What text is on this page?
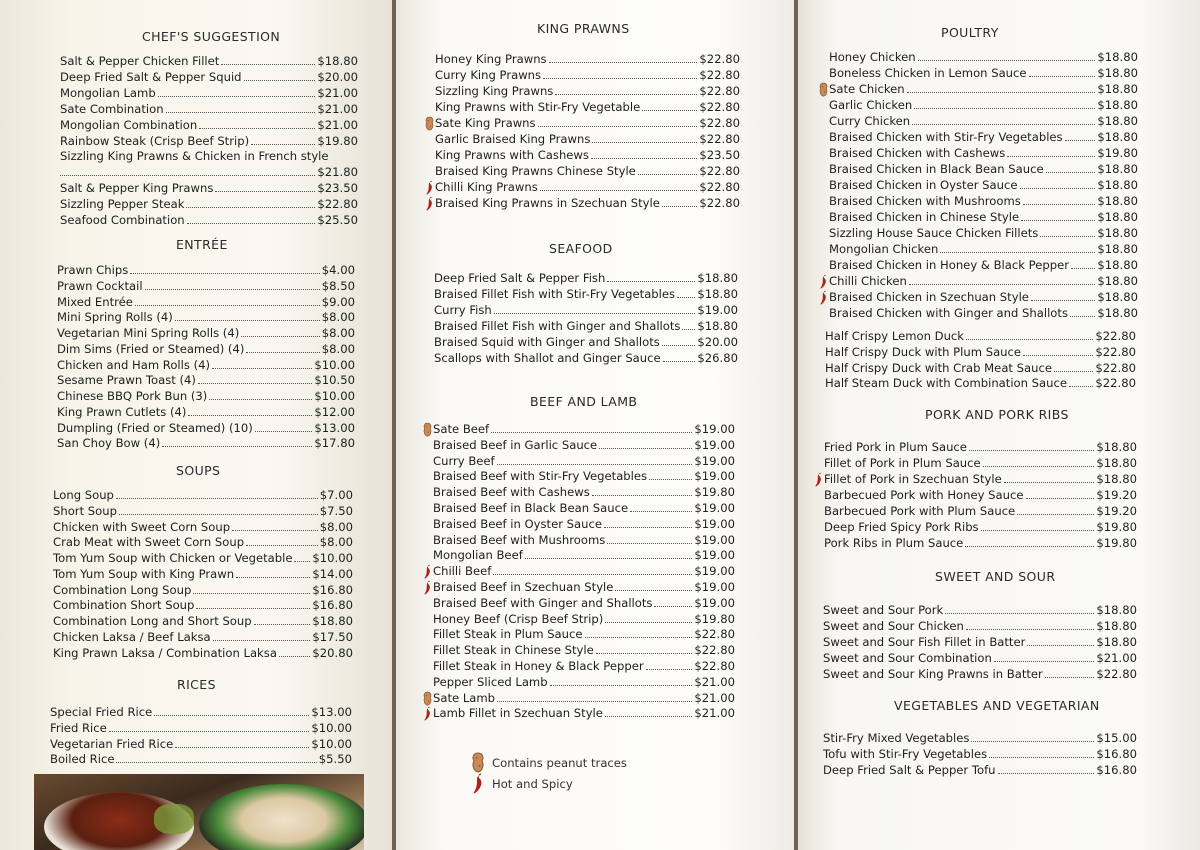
CHEF'S SUGGESTION
ENTRÉE
SOUPS
RICES
Salt & Pepper Chicken Fillet	$18.80
Deep Fried Salt & Pepper Squid	$20.00
Mongolian Lamb	$21.00
Sate Combination	$21.00
Mongolian Combination	$21.00
Rainbow Steak (Crisp Beef Strip)	$19.80
Sizzling King Prawns & Chicken in French style
$21.80
Salt & Pepper King Prawns	$23.50
Sizzling Pepper Steak	$22.80
Seafood Combination	$25.50
Prawn Chips	$4.00
Prawn Cocktail	$8.50
Mixed Entrée	$9.00
Mini Spring Rolls (4)	$8.00
Vegetarian Mini Spring Rolls (4)	$8.00
Dim Sims (Fried or Steamed) (4)	$8.00
Chicken and Ham Rolls (4)	$10.00
Sesame Prawn Toast (4)	$10.50
Chinese BBQ Pork Bun (3)	$10.00
King Prawn Cutlets (4)	$12.00
Dumpling (Fried or Steamed) (10)	$13.00
San Choy Bow (4)	$17.80
Long Soup	$7.00
Short Soup	$7.50
Chicken with Sweet Corn Soup	$8.00
Crab Meat with Sweet Corn Soup	$8.00
Tom Yum Soup with Chicken or Vegetable $10.00
Tom Yum Soup with King Prawn	$14.00
Combination Long Soup	$16.80
Combination Short Soup	$16.80
Combination Long and Short Soup	$18.80
Chicken Laksa / Beef Laksa	$17.50
King Prawn Laksa / Combination Laksa	$20.80
Special Fried Rice	$13.00
Fried Rice	$10.00
Vegetarian Fried Rice	$10.00
Boiled Rice	$5.50
KING PRAWNS
SEAFOOD
BEEF AND LAMB
Contains peanut traces
Hot and Spicy
Honey King Prawns	$22.80
Curry King Prawns	$22.80
Sizzling King Prawns	$22.80
King Prawns with Stir-Fry Vegetable	$22.80
Sate King Prawns	$22.80
Garlic Braised King Prawns	$22.80
King Prawns with Cashews	$23.50
Braised King Prawns Chinese Style	$22.80
Chilli King Prawns	$22.80
Braised King Prawns in Szechuan Style	$22.80
Deep Fried Salt & Pepper Fish	$18.80
Braised Fillet Fish with Stir-Fry Vegetables $18.80
Curry Fish	$19.00
Braised Fillet Fish with Ginger and Shallots $18.80
Braised Squid with Ginger and Shallots	$20.00
Scallops with Shallot and Ginger Sauce	$26.80
Sate Beef	$19.00
Braised Beef in Garlic Sauce	$19.00
Curry Beef	$19.00
Braised Beef with Stir-Fry Vegetables	$19.00
Braised Beef with Cashews	$19.80
Braised Beef in Black Bean Sauce	$19.00
Braised Beef in Oyster Sauce	$19.00
Braised Beef with Mushrooms	$19.00
Mongolian Beef	$19.00
Chilli Beef	$19.00
Braised Beef in Szechuan Style	$19.00
Braised Beef with Ginger and Shallots	$19.00
Honey Beef (Crisp Beef Strip)	$19.80
Fillet Steak in Plum Sauce	$22.80
Fillet Steak in Chinese Style	$22.80
Fillet Steak in Honey & Black Pepper	$22.80
Pepper Sliced Lamb	$21.00
Sate Lamb	$21.00
Lamb Fillet in Szechuan Style	$21.00
POULTRY
PORK AND PORK RIBS
SWEET AND SOUR
VEGETABLES AND VEGETARIAN
Honey Chicken	$18.80
Boneless Chicken in Lemon Sauce	$18.80
Sate Chicken	$18.80
Garlic Chicken	$18.80
Curry Chicken	$18.80
Braised Chicken with Stir-Fry Vegetables	$18.80
Braised Chicken with Cashews	$19.80
Braised Chicken in Black Bean Sauce	$18.80
Braised Chicken in Oyster Sauce	$18.80
Braised Chicken with Mushrooms	$18.80
Braised Chicken in Chinese Style	$18.80
Sizzling House Sauce Chicken Fillets	$18.80
Mongolian Chicken	$18.80
Braised Chicken in Honey & Black Pepper $18.80
Chilli Chicken	$18.80
Braised Chicken in Szechuan Style	$18.80
Braised Chicken with Ginger and Shallots	$18.80
Half Crispy Lemon Duck	$22.80
Half Crispy Duck with Plum Sauce	$22.80
Half Crispy Duck with Crab Meat Sauce	$22.80
Half Steam Duck with Combination Sauce $22.80
Fried Pork in Plum Sauce	$18.80
Fillet of Pork in Plum Sauce	$18.80
Fillet of Pork in Szechuan Style	$18.80
Barbecued Pork with Honey Sauce	$19.20
Barbecued Pork with Plum Sauce	$19.20
Deep Fried Spicy Pork Ribs	$19.80
Pork Ribs in Plum Sauce	$19.80
Sweet and Sour Pork	$18.80
Sweet and Sour Chicken	$18.80
Sweet and Sour Fish Fillet in Batter	$18.80
Sweet and Sour Combination	$21.00
Sweet and Sour King Prawns in Batter	$22.80
Stir-Fry Mixed Vegetables	$15.00
Tofu with Stir-Fry Vegetables	$16.80
Deep Fried Salt & Pepper Tofu	$16.80
